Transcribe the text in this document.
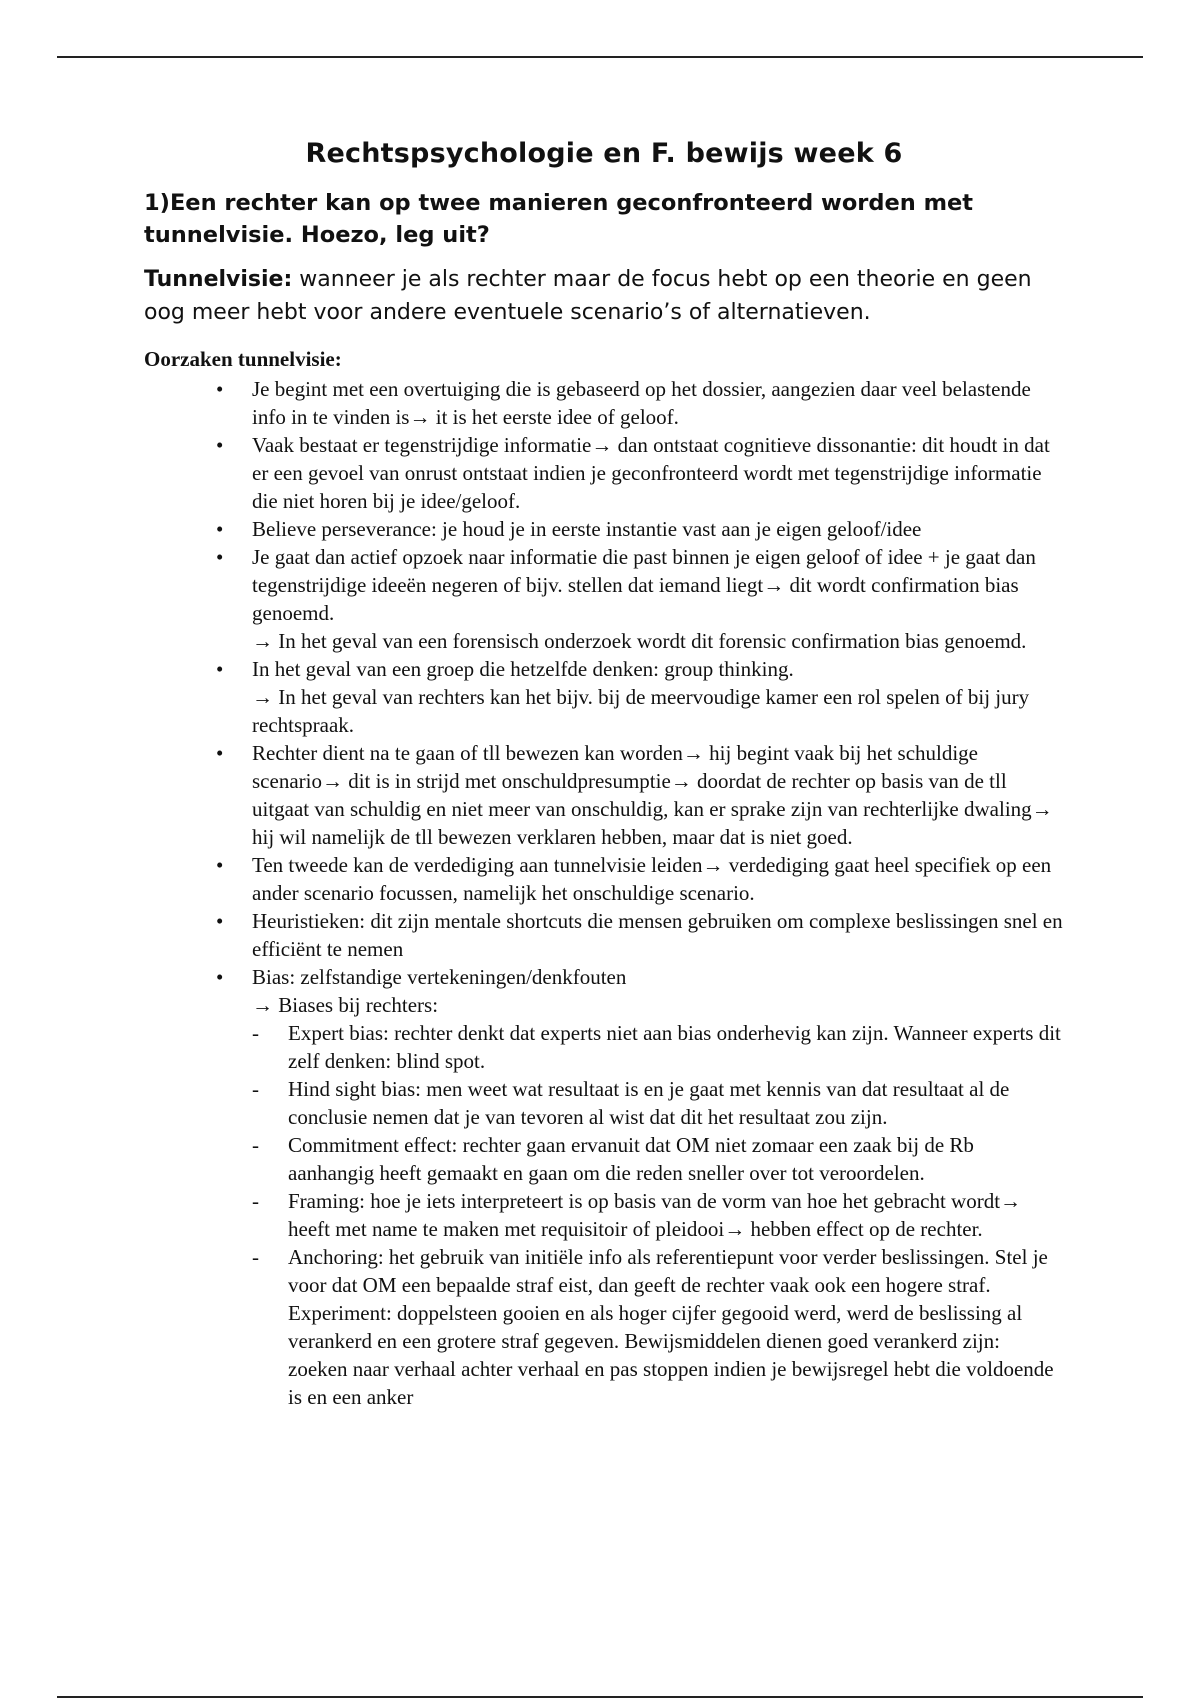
Rechtspsychologie en F. bewijs week 6

1)Een rechter kan op twee manieren geconfronteerd worden met tunnelvisie. Hoezo, leg uit?

Tunnelvisie: wanneer je als rechter maar de focus hebt op een theorie en geen oog meer hebt voor andere eventuele scenario’s of alternatieven.

Oorzaken tunnelvisie:

• Je begint met een overtuiging die is gebaseerd op het dossier, aangezien daar veel belastende info in te vinden is→ it is het eerste idee of geloof.
• Vaak bestaat er tegenstrijdige informatie→ dan ontstaat cognitieve dissonantie: dit houdt in dat er een gevoel van onrust ontstaat indien je geconfronteerd wordt met tegenstrijdige informatie die niet horen bij je idee/geloof.
• Believe perseverance: je houd je in eerste instantie vast aan je eigen geloof/idee
• Je gaat dan actief opzoek naar informatie die past binnen je eigen geloof of idee + je gaat dan tegenstrijdige ideeën negeren of bijv. stellen dat iemand liegt→ dit wordt confirmation bias genoemd.
→ In het geval van een forensisch onderzoek wordt dit forensic confirmation bias genoemd.
• In het geval van een groep die hetzelfde denken: group thinking.
→ In het geval van rechters kan het bijv. bij de meervoudige kamer een rol spelen of bij jury rechtspraak.
• Rechter dient na te gaan of tll bewezen kan worden→ hij begint vaak bij het schuldige scenario→ dit is in strijd met onschuldpresumptie→ doordat de rechter op basis van de tll uitgaat van schuldig en niet meer van onschuldig, kan er sprake zijn van rechterlijke dwaling→ hij wil namelijk de tll bewezen verklaren hebben, maar dat is niet goed.
• Ten tweede kan de verdediging aan tunnelvisie leiden→ verdediging gaat heel specifiek op een ander scenario focussen, namelijk het onschuldige scenario.
• Heuristieken: dit zijn mentale shortcuts die mensen gebruiken om complexe beslissingen snel en efficiënt te nemen
• Bias: zelfstandige vertekeningen/denkfouten
→ Biases bij rechters:
- Expert bias: rechter denkt dat experts niet aan bias onderhevig kan zijn. Wanneer experts dit zelf denken: blind spot.
- Hind sight bias: men weet wat resultaat is en je gaat met kennis van dat resultaat al de conclusie nemen dat je van tevoren al wist dat dit het resultaat zou zijn.
- Commitment effect: rechter gaan ervanuit dat OM niet zomaar een zaak bij de Rb aanhangig heeft gemaakt en gaan om die reden sneller over tot veroordelen.
- Framing: hoe je iets interpreteert is op basis van de vorm van hoe het gebracht wordt→ heeft met name te maken met requisitoir of pleidooi→ hebben effect op de rechter.
- Anchoring: het gebruik van initiële info als referentiepunt voor verder beslissingen. Stel je voor dat OM een bepaalde straf eist, dan geeft de rechter vaak ook een hogere straf. Experiment: doppelsteen gooien en als hoger cijfer gegooid werd, werd de beslissing al verankerd en een grotere straf gegeven. Bewijsmiddelen dienen goed verankerd zijn: zoeken naar verhaal achter verhaal en pas stoppen indien je bewijsregel hebt die voldoende is en een anker
